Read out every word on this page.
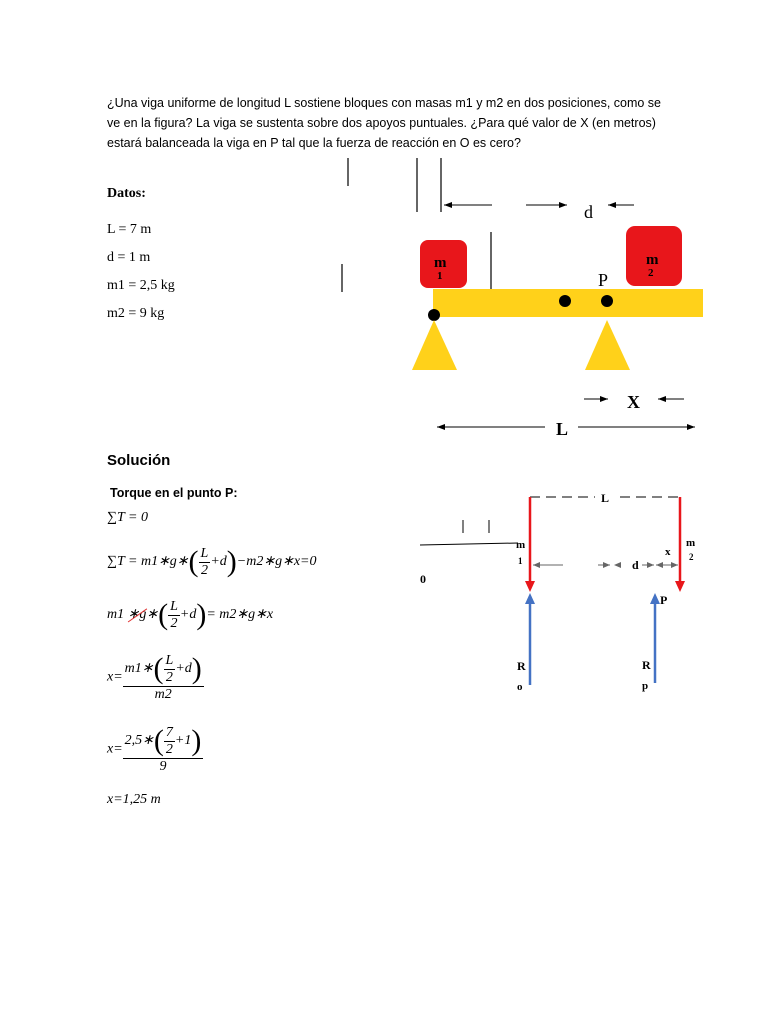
¿Una viga uniforme de longitud L sostiene bloques con masas m1 y m2 en dos posiciones, como se ve en la figura? La viga se sustenta sobre dos apoyos puntuales. ¿Para qué valor de X (en metros) estará balanceada la viga en P tal que la fuerza de reacción en O es cero?
Datos:
L = 7 m
d = 1 m
m1 = 2,5 kg
m2 = 9 kg
d
m
1
m
2
P
X
L
Solución
Torque en el punto P:
∑T = 0
∑T = m1∗g∗( $\frac{L}{2}$ +d)−m2∗g∗x=0
m1 ∗g∗( $\frac{L}{2} +d)=$ m2∗g∗x
$x= \frac{m1∗( \frac{L}{2} +d)}{m2}$
$x= \frac{2,5∗( \frac{7}{2} +1)}{9}$
x=1,25 m
L
0
m
1
m
2
d
x
R
o
P
R
p
